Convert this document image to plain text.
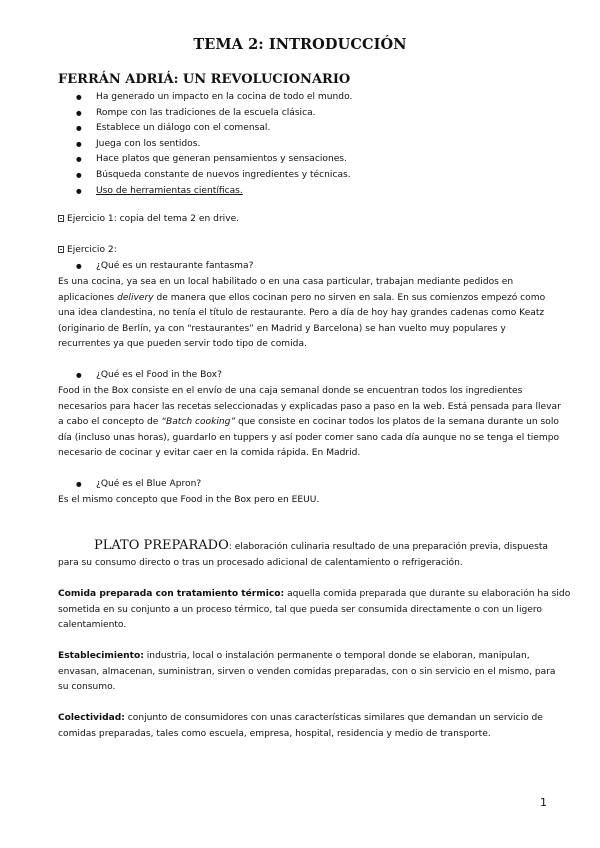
TEMA 2: INTRODUCCIÓN
FERRÁN ADRIÁ: UN REVOLUCIONARIO
● Ha generado un impacto en la cocina de todo el mundo.
● Rompe con las tradiciones de la escuela clásica.
● Establece un diálogo con el comensal.
● Juega con los sentidos.
● Hace platos que generan pensamientos y sensaciones.
● Búsqueda constante de nuevos ingredientes y técnicas.
● Uso de herramientas científicas.
Ejercicio 1: copia del tema 2 en drive.
Ejercicio 2:
● ¿Qué es un restaurante fantasma?
Es una cocina, ya sea en un local habilitado o en una casa particular, trabajan mediante pedidos en
aplicaciones delivery de manera que ellos cocinan pero no sirven en sala. En sus comienzos empezó como
una idea clandestina, no tenía el título de restaurante. Pero a día de hoy hay grandes cadenas como Keatz
(originario de Berlín, ya con “restaurantes” en Madrid y Barcelona) se han vuelto muy populares y
recurrentes ya que pueden servir todo tipo de comida.
● ¿Qué es el Food in the Box?
Food in the Box consiste en el envío de una caja semanal donde se encuentran todos los ingredientes
necesarios para hacer las recetas seleccionadas y explicadas paso a paso en la web. Está pensada para llevar
a cabo el concepto de “Batch cooking” que consiste en cocinar todos los platos de la semana durante un solo
día (incluso unas horas), guardarlo en tuppers y así poder comer sano cada día aunque no se tenga el tiempo
necesario de cocinar y evitar caer en la comida rápida. En Madrid.
● ¿Qué es el Blue Apron?
Es el mismo concepto que Food in the Box pero en EEUU.
PLATO PREPARADO: elaboración culinaria resultado de una preparación previa, dispuesta
para su consumo directo o tras un procesado adicional de calentamiento o refrigeración.
Comida preparada con tratamiento térmico: aquella comida preparada que durante su elaboración ha sido
sometida en su conjunto a un proceso térmico, tal que pueda ser consumida directamente o con un ligero
calentamiento.
Establecimiento: industria, local o instalación permanente o temporal donde se elaboran, manipulan,
envasan, almacenan, suministran, sirven o venden comidas preparadas, con o sin servicio en el mismo, para
su consumo.
Colectividad: conjunto de consumidores con unas características similares que demandan un servicio de
comidas preparadas, tales como escuela, empresa, hospital, residencia y medio de transporte.
1
